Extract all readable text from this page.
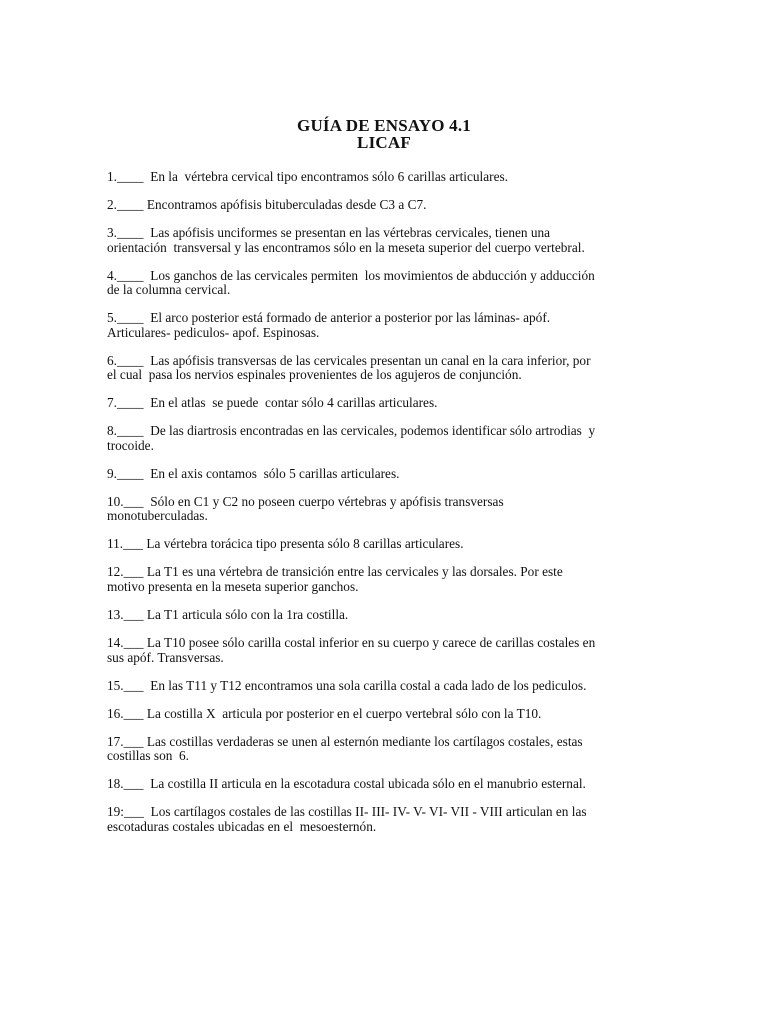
GUÍA DE ENSAYO 4.1
LICAF
1.____  En la  vértebra cervical tipo encontramos sólo 6 carillas articulares.
2.____ Encontramos apófisis bituberculadas desde C3 a C7.
3.____  Las apófisis unciformes se presentan en las vértebras cervicales, tienen una
orientación  transversal y las encontramos sólo en la meseta superior del cuerpo vertebral.
4.____  Los ganchos de las cervicales permiten  los movimientos de abducción y adducción
de la columna cervical.
5.____  El arco posterior está formado de anterior a posterior por las láminas- apóf.
Articulares- pediculos- apof. Espinosas.
6.____  Las apófisis transversas de las cervicales presentan un canal en la cara inferior, por
el cual  pasa los nervios espinales provenientes de los agujeros de conjunción.
7.____  En el atlas  se puede  contar sólo 4 carillas articulares.
8.____  De las diartrosis encontradas en las cervicales, podemos identificar sólo artrodias  y
trocoide.
9.____  En el axis contamos  sólo 5 carillas articulares.
10.___  Sólo en C1 y C2 no poseen cuerpo vértebras y apófisis transversas
monotuberculadas.
11.___ La vértebra torácica tipo presenta sólo 8 carillas articulares.
12.___ La T1 es una vértebra de transición entre las cervicales y las dorsales. Por este
motivo presenta en la meseta superior ganchos.
13.___ La T1 articula sólo con la 1ra costilla.
14.___ La T10 posee sólo carilla costal inferior en su cuerpo y carece de carillas costales en
sus apóf. Transversas.
15.___  En las T11 y T12 encontramos una sola carilla costal a cada lado de los pediculos.
16.___ La costilla X  articula por posterior en el cuerpo vertebral sólo con la T10.
17.___ Las costillas verdaderas se unen al esternón mediante los cartílagos costales, estas
costillas son  6.
18.___  La costilla II articula en la escotadura costal ubicada sólo en el manubrio esternal.
19:___  Los cartílagos costales de las costillas II- III- IV- V- VI- VII - VIII articulan en las
escotaduras costales ubicadas en el  mesoesternón.
